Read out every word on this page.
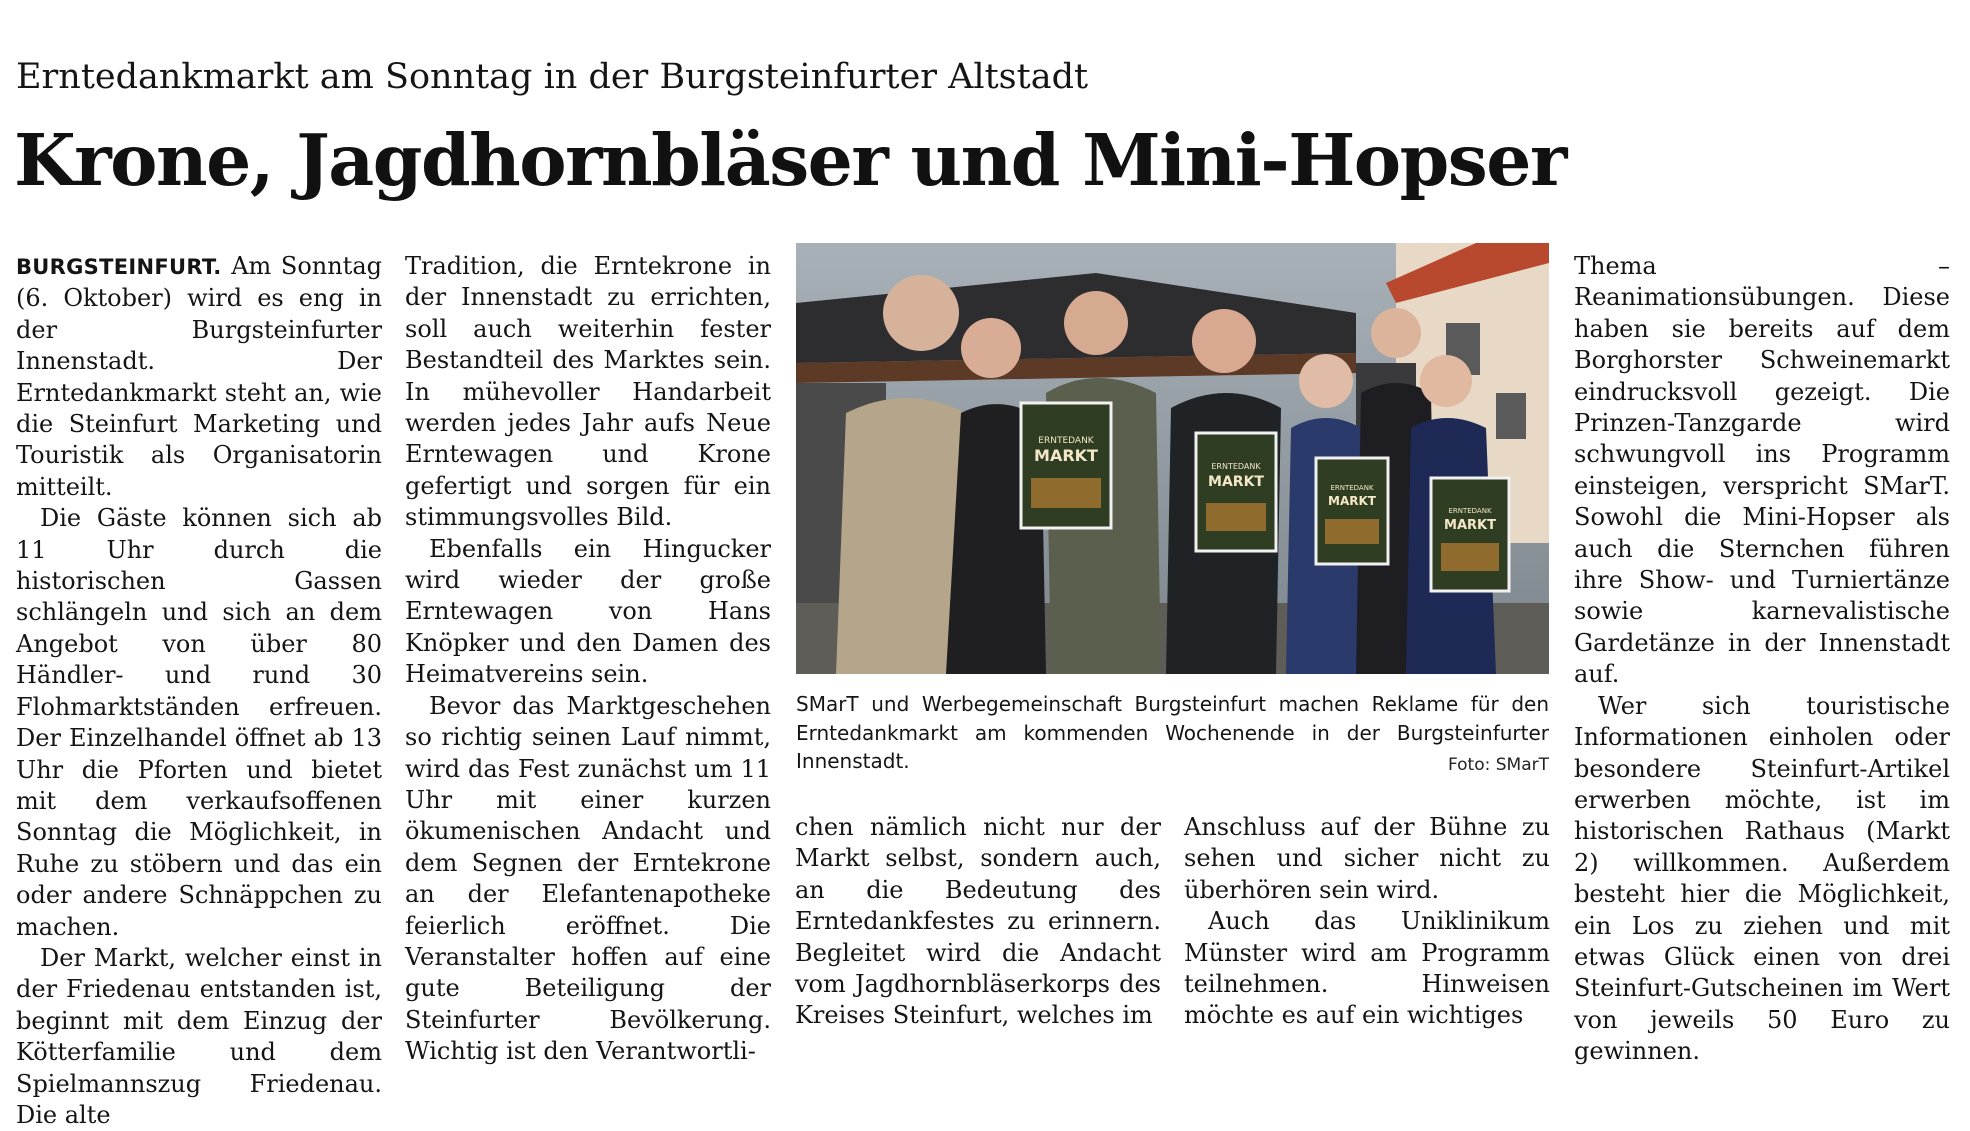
Erntedankmarkt am Sonntag in der Burgsteinfurter Altstadt
Krone, Jagdhornbläser und Mini-Hopser

BURGSTEINFURT. Am Sonntag (6. Oktober) wird es eng in der Burgsteinfurter Innenstadt. Der Erntedankmarkt steht an, wie die Steinfurt Marketing und Touristik als Organisatorin mitteilt.

Die Gäste können sich ab 11 Uhr durch die historischen Gassen schlängeln und sich an dem Angebot von über 80 Händler- und rund 30 Flohmarktständen erfreuen. Der Einzelhandel öffnet ab 13 Uhr die Pforten und bietet mit dem verkaufsoffenen Sonntag die Möglichkeit, in Ruhe zu stöbern und das ein oder andere Schnäppchen zu machen.

Der Markt, welcher einst in der Friedenau entstanden ist, beginnt mit dem Einzug der Kötterfamilie und dem Spielmannszug Friedenau. Die alte

Tradition, die Erntekrone in der Innenstadt zu errichten, soll auch weiterhin fester Bestandteil des Marktes sein. In mühevoller Handarbeit werden jedes Jahr aufs Neue Erntewagen und Krone gefertigt und sorgen für ein stimmungsvolles Bild.

Ebenfalls ein Hingucker wird wieder der große Erntewagen von Hans Knöpker und den Damen des Heimatvereins sein.

Bevor das Marktgeschehen so richtig seinen Lauf nimmt, wird das Fest zunächst um 11 Uhr mit einer kurzen ökumenischen Andacht und dem Segnen der Erntekrone an der Elefantenapotheke feierlich eröffnet. Die Veranstalter hoffen auf eine gute Beteiligung der Steinfurter Bevölkerung. Wichtig ist den Verantwortli-

ERNTEDANK
MARKT
ERNTEDANK
MARKT	ERNTEDANK
MARKT
ERNTEDANK
MARKT
SMarT und Werbegemeinschaft Burgsteinfurt machen Reklame für den Erntedankmarkt am kommenden Wochenende in der Burgsteinfurter Innenstadt.	Foto: SMarT

chen nämlich nicht nur der Markt selbst, sondern auch, an die Bedeutung des Erntedankfestes zu erinnern. Begleitet wird die Andacht vom Jagdhornbläserkorps des Kreises Steinfurt, welches im

Anschluss auf der Bühne zu sehen und sicher nicht zu überhören sein wird.

Auch das Uniklinikum Münster wird am Programm teilnehmen. Hinweisen möchte es auf ein wichtiges

Thema – Reanimationsübungen. Diese haben sie bereits auf dem Borghorster Schweinemarkt eindrucksvoll gezeigt. Die Prinzen-Tanzgarde wird schwungvoll ins Programm einsteigen, verspricht SMarT. Sowohl die Mini-Hopser als auch die Sternchen führen ihre Show- und Turniertänze sowie karnevalistische Gardetänze in der Innenstadt auf.

Wer sich touristische Informationen einholen oder besondere Steinfurt-Artikel erwerben möchte, ist im historischen Rathaus (Markt 2) willkommen. Außerdem besteht hier die Möglichkeit, ein Los zu ziehen und mit etwas Glück einen von drei Steinfurt-Gutscheinen im Wert von jeweils 50 Euro zu gewinnen.
